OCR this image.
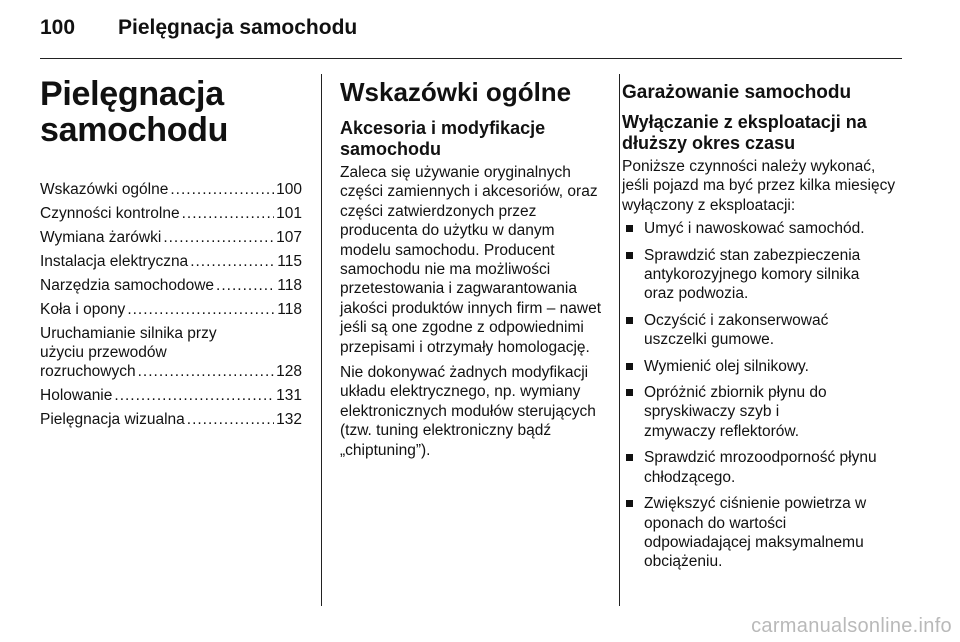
100 Pielęgnacja samochodu
Pielęgnacja samochodu
Wskazówki ogólne .....	100
Czynności kontrolne .....	101
Wymiana żarówki .....	107
Instalacja elektryczna .....	115
Narzędzia samochodowe .....	118
Koła i opony .....	118
Uruchamianie silnika przy
użyciu przewodów
rozruchowych .....	128
Holowanie .....	131
Pielęgnacja wizualna .....	132
Wskazówki ogólne
Akcesoria i modyfikacje samochodu

Zaleca się używanie oryginalnych części zamiennych i akcesoriów, oraz części zatwierdzonych przez producenta do użytku w danym modelu samochodu. Producent samochodu nie ma możliwości przetestowania i zagwarantowania jakości produktów innych firm – nawet jeśli są one zgodne z odpowiednimi przepisami i otrzymały homologację.

Nie dokonywać żadnych modyfikacji układu elektrycznego, np. wymiany elektronicznych modułów sterujących (tzw. tuning elektroniczny bądź „chiptuning”).

Garażowanie samochodu
Wyłączanie z eksploatacji na dłuższy okres czasu

Poniższe czynności należy wykonać, jeśli pojazd ma być przez kilka miesięcy wyłączony z eksploatacji:

Umyć i nawoskować samochód.
Sprawdzić stan zabezpieczenia antykorozyjnego komory silnika oraz podwozia.
Oczyścić i zakonserwować uszczelki gumowe.
Wymienić olej silnikowy.
Opróżnić zbiornik płynu do spryskiwaczy szyb i zmywaczy reflektorów.
Sprawdzić mrozoodporność płynu chłodzącego.
Zwiększyć ciśnienie powietrza w oponach do wartości odpowiadającej maksymalnemu obciążeniu.
carmanualsonline.info
